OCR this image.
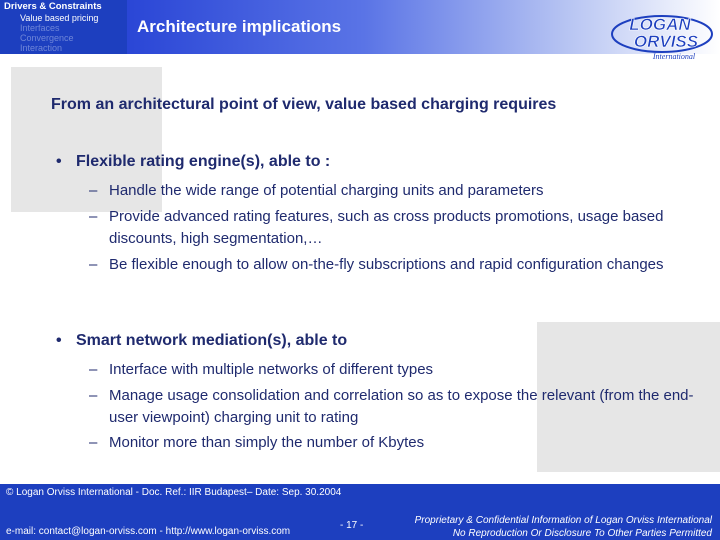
Drivers & Constraints
Value based pricing
Interfaces
Convergence
Interaction
Architecture implications	LOGAN
ORVISS
International
From an architectural point of view, value based charging requires
• Flexible rating engine(s), able to :
– Handle the wide range of potential charging units and parameters
– Provide advanced rating features, such as cross products promotions, usage based discounts, high segmentation,…
– Be flexible enough to allow on-the-fly subscriptions and rapid configuration changes
• Smart network mediation(s), able to
– Interface with multiple networks of different types
– Manage usage consolidation and correlation so as to expose the relevant (from the end-user viewpoint) charging unit to rating
– Monitor more than simply the number of Kbytes
© Logan Orviss International - Doc. Ref.: IIR Budapest– Date: Sep. 30.2004
e-mail: contact@logan-orviss.com - http://www.logan-orviss.com
- 17 -	Proprietary & Confidential Information of Logan Orviss International
No Reproduction Or Disclosure To Other Parties Permitted
